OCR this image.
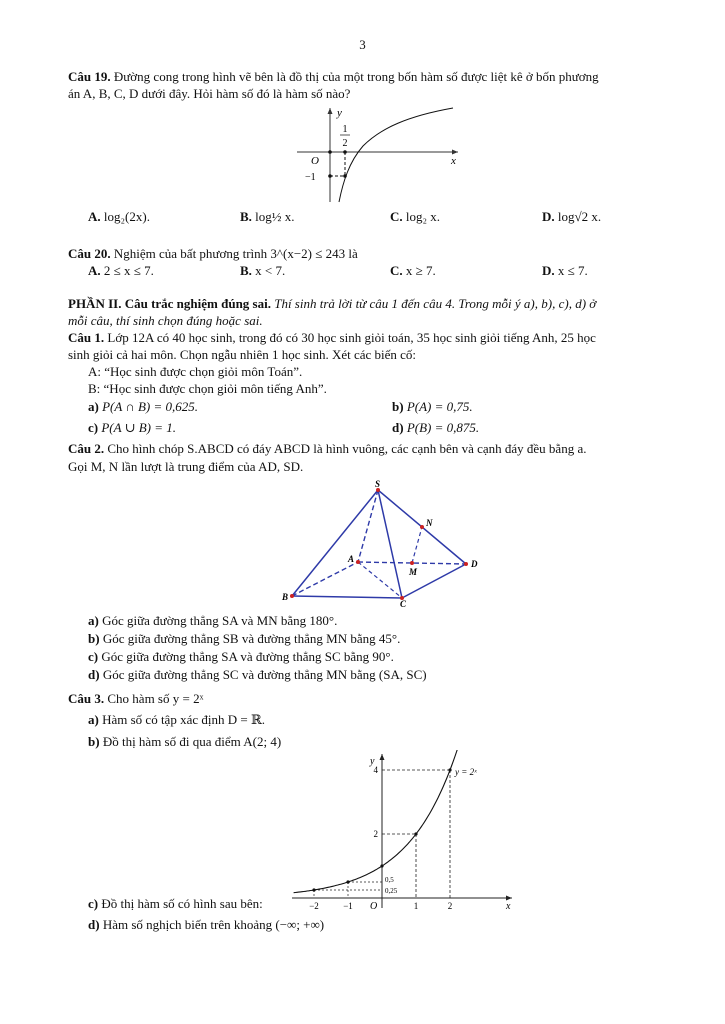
3
Câu 19. Đường cong trong hình vẽ bên là đồ thị của một trong bốn hàm số được liệt kê ở bốn phương
án A, B, C, D dưới đây. Hỏi hàm số đó là hàm số nào?
y
x
O
1
2
−1
A. log₂(2x).	B. log½ x.	C. log₂ x.	D. log√2 x.
Câu 20. Nghiệm của bất phương trình 3^(x−2) ≤ 243 là
A. 2 ≤ x ≤ 7.	B. x < 7.	C. x ≥ 7.	D. x ≤ 7.
PHẦN II. Câu trắc nghiệm đúng sai. Thí sinh trả lời từ câu 1 đến câu 4. Trong mỗi ý a), b), c), d) ở
mỗi câu, thí sinh chọn đúng hoặc sai.
Câu 1. Lớp 12A có 40 học sinh, trong đó có 30 học sinh giỏi toán, 35 học sinh giỏi tiếng Anh, 25 học
sinh giỏi cả hai môn. Chọn ngẫu nhiên 1 học sinh. Xét các biến cố:
A: “Học sinh được chọn giỏi môn Toán”.
B: “Học sinh được chọn giỏi môn tiếng Anh”.
a) P(A ∩ B) = 0,625.	b) P(A) = 0,75.
c) P(A ∪ B) = 1.	d) P(B) = 0,875.
Câu 2. Cho hình chóp S.ABCD có đáy ABCD là hình vuông, các cạnh bên và cạnh đáy đều bằng a.
Gọi M, N lần lượt là trung điểm của AD, SD.
S
A
B
C
D
M
N
a) Góc giữa đường thẳng SA và MN bằng 180°.
b) Góc giữa đường thẳng SB và đường thẳng MN bằng 45°.
c) Góc giữa đường thẳng SA và đường thẳng SC bằng 90°.
d) Góc giữa đường thẳng SC và đường thẳng MN bằng (SA, SC)
Câu 3. Cho hàm số y = 2ˣ
a) Hàm số có tập xác định D = ℝ.
b) Đồ thị hàm số đi qua điểm A(2; 4)
y
x
O
y = 2ˣ
−2	−1	1	2
4
2
0,5
0,25
c) Đồ thị hàm số có hình sau bên:
d) Hàm số nghịch biến trên khoảng (−∞; +∞)
